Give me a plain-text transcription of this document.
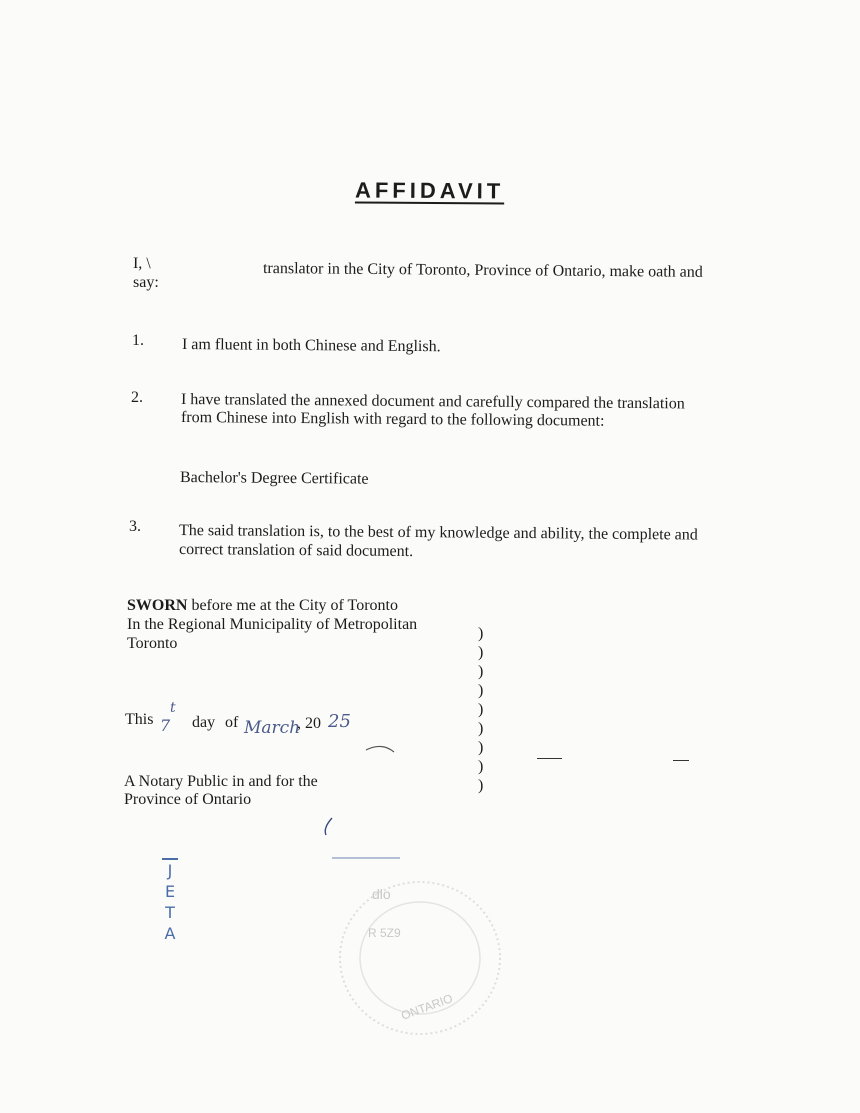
AFFIDAVIT
I, \	translator in the City of Toronto, Province of Ontario, make oath and
say:
1. I am fluent in both Chinese and English.
2. I have translated the annexed document and carefully compared the translation
from Chinese into English with regard to the following document:
Bachelor's Degree Certificate
3. The said translation is, to the best of my knowledge and ability, the complete and
correct translation of said document.
SWORN before me at the City of Toronto
In the Regional Municipality of Metropolitan
Toronto
)
)
)
)
)
)
)
)
)
This
t
7 day of March
, 20 25
A Notary Public in and for the
Province of Ontario
J
E
T
A
dlo
R 5Z9
ONTARIO
